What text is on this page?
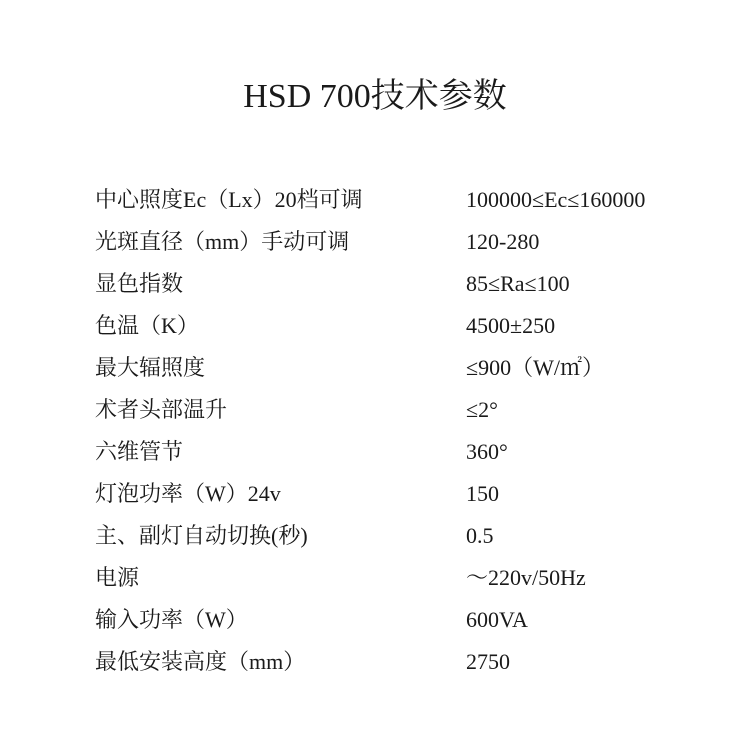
HSD 700技术参数
中心照度Ec（Lx）20档可调	100000≤Ec≤160000
光斑直径（mm）手动可调	120-280
显色指数	85≤Ra≤100
色温（K）	4500±250
最大辐照度	≤900（W/㎡）
术者头部温升	≤2°
六维管节	360°
灯泡功率（W）24v	150
主、副灯自动切换(秒)	0.5
电源	～220v/50Hz
输入功率（W）	600VA
最低安装高度（mm）	2750
